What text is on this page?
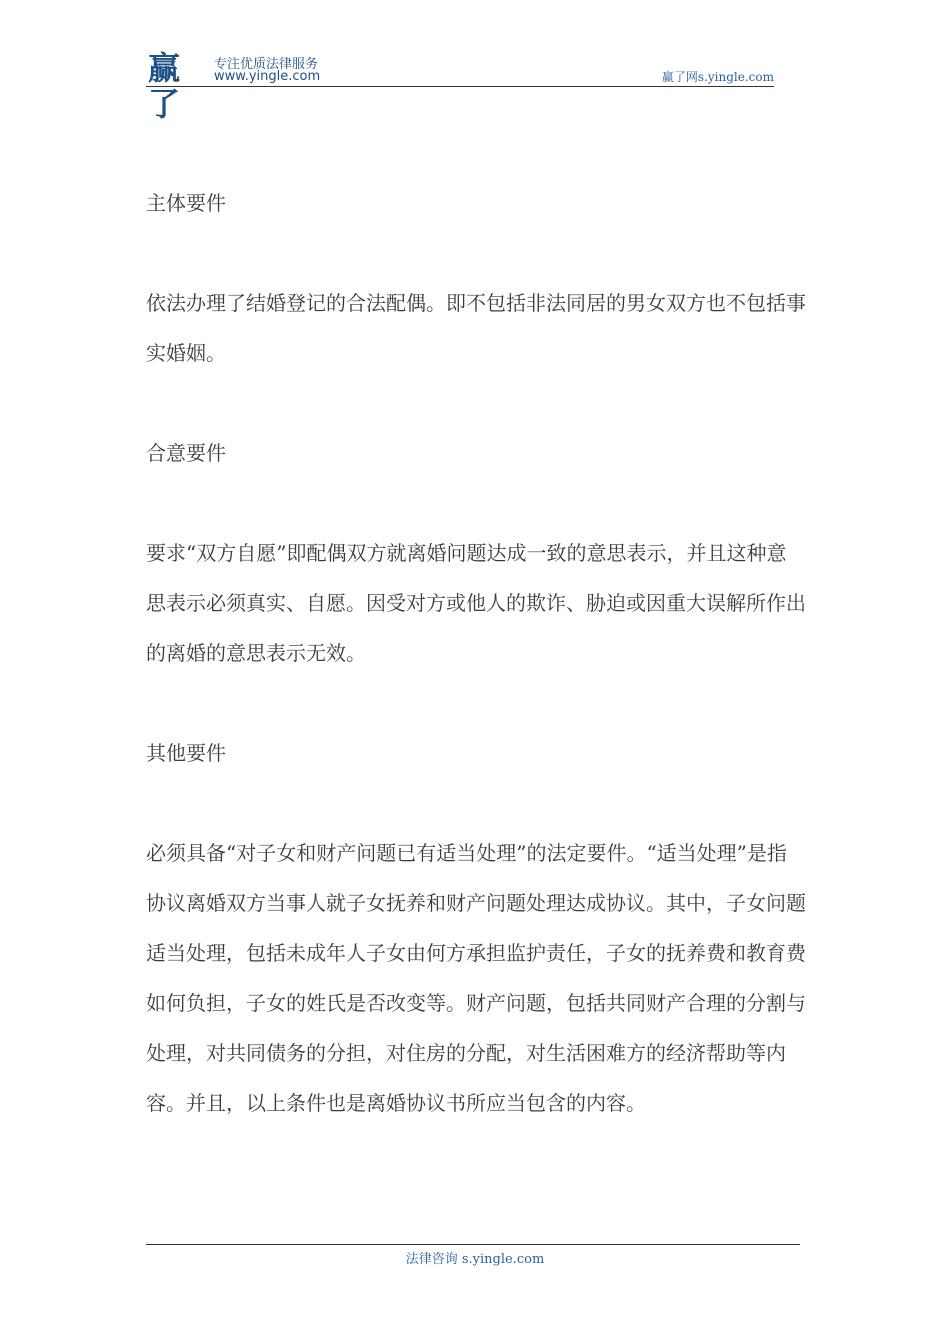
赢了
专注优质法律服务
www.yingle.com	赢了网s.yingle.com

主体要件

依法办理了结婚登记的合法配偶。即不包括非法同居的男女双方也不包括事实婚姻。

合意要件

要求“双方自愿”即配偶双方就离婚问题达成一致的意思表示，并且这种意思表示必须真实、自愿。因受对方或他人的欺诈、胁迫或因重大误解所作出的离婚的意思表示无效。

其他要件

必须具备“对子女和财产问题已有适当处理”的法定要件。“适当处理”是指协议离婚双方当事人就子女抚养和财产问题处理达成协议。其中，子女问题适当处理，包括未成年人子女由何方承担监护责任，子女的抚养费和教育费如何负担，子女的姓氏是否改变等。财产问题，包括共同财产合理的分割与处理，对共同债务的分担，对住房的分配，对生活困难方的经济帮助等内容。并且，以上条件也是离婚协议书所应当包含的内容。

法律咨询 s.yingle.com
